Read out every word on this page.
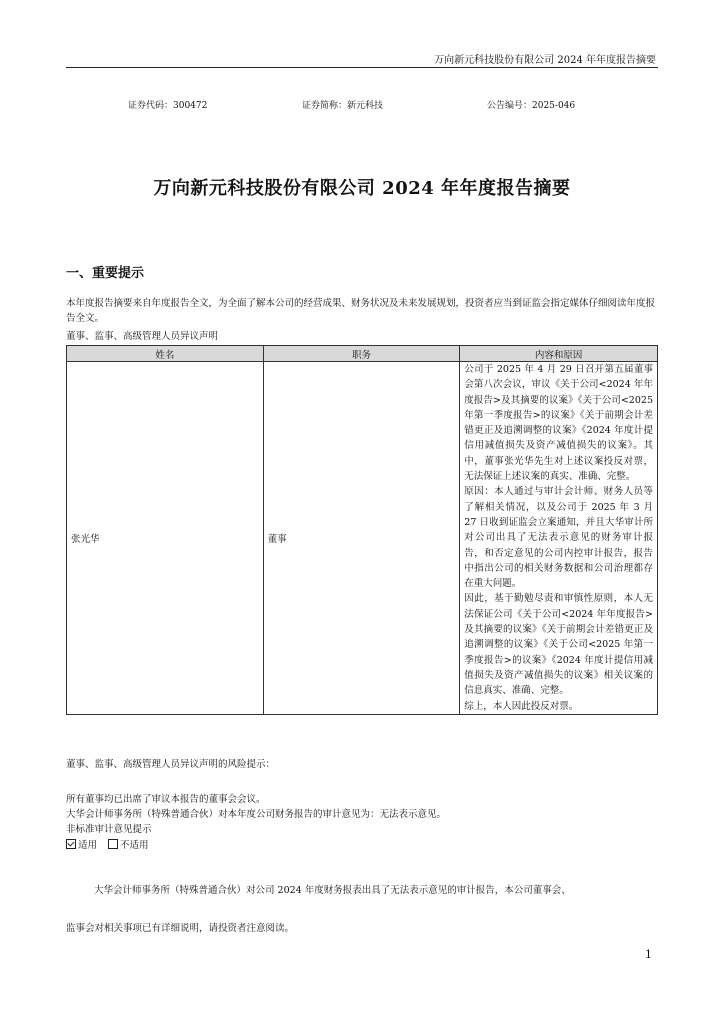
万向新元科技股份有限公司 2024 年年度报告摘要
证券代码：300472	证券简称：新元科技	公告编号：2025-046
万向新元科技股份有限公司 2024 年年度报告摘要
一、重要提示
本年度报告摘要来自年度报告全文，为全面了解本公司的经营成果、财务状况及未来发展规划，投资者应当到证监会指定媒体仔细阅读年度报告全文。
董事、监事、高级管理人员异议声明
姓名	职务	内容和原因
张光华	董事	公司于 2025 年 4 月 29 日召开第五届董事会第八次会议，审议《关于公司<2024 年年度报告>及其摘要的议案》《关于公司<2025 年第一季度报告>的议案》《关于前期会计差错更正及追溯调整的议案》《2024 年度计提信用减值损失及资产减值损失的议案》。其中，董事张光华先生对上述议案投反对票，无法保证上述议案的真实、准确、完整。
原因：本人通过与审计会计师、财务人员等了解相关情况，以及公司于 2025 年 3 月 27 日收到证监会立案通知，并且大华审计所对公司出具了无法表示意见的财务审计报告，和否定意见的公司内控审计报告，报告中指出公司的相关财务数据和公司治理都存在重大问题。
因此，基于勤勉尽责和审慎性原则，本人无法保证公司《关于公司<2024 年年度报告>及其摘要的议案》《关于前期会计差错更正及追溯调整的议案》《关于公司<2025 年第一季度报告>的议案》《2024 年度计提信用减值损失及资产减值损失的议案》相关议案的信息真实、准确、完整。
综上，本人因此投反对票。
董事、监事、高级管理人员异议声明的风险提示：
所有董事均已出席了审议本报告的董事会会议。
大华会计师事务所（特殊普通合伙）对本年度公司财务报告的审计意见为：无法表示意见。
非标准审计意见提示
适用 不适用
大华会计师事务所（特殊普通合伙）对公司 2024 年度财务报表出具了无法表示意见的审计报告，本公司董事会、
监事会对相关事项已有详细说明，请投资者注意阅读。
1
